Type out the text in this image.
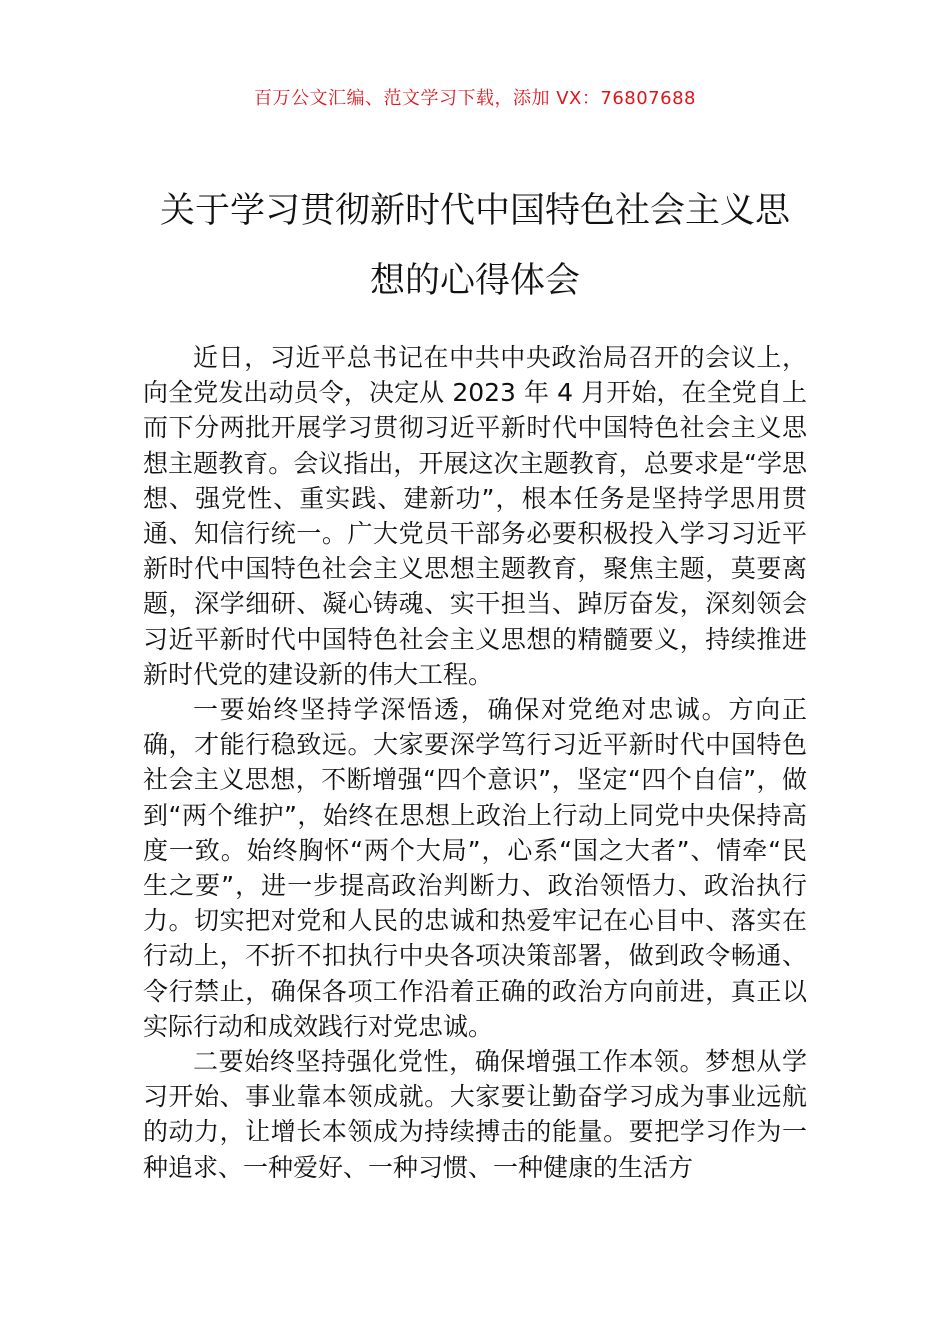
百万公文汇编、范文学习下载，添加 VX：76807688
关于学习贯彻新时代中国特色社会主义思
想的心得体会

近日，习近平总书记在中共中央政治局召开的会议上，向全党发出动员令，决定从 2023 年 4 月开始，在全党自上而下分两批开展学习贯彻习近平新时代中国特色社会主义思想主题教育。会议指出，开展这次主题教育，总要求是“学思想、强党性、重实践、建新功”，根本任务是坚持学思用贯通、知信行统一。广大党员干部务必要积极投入学习习近平新时代中国特色社会主义思想主题教育，聚焦主题，莫要离题，深学细研、凝心铸魂、实干担当、踔厉奋发，深刻领会习近平新时代中国特色社会主义思想的精髓要义，持续推进新时代党的建设新的伟大工程。

一要始终坚持学深悟透，确保对党绝对忠诚。方向正确，才能行稳致远。大家要深学笃行习近平新时代中国特色社会主义思想，不断增强“四个意识”，坚定“四个自信”，做到“两个维护”，始终在思想上政治上行动上同党中央保持高度一致。始终胸怀“两个大局”，心系“国之大者”、情牵“民生之要”，进一步提高政治判断力、政治领悟力、政治执行力。切实把对党和人民的忠诚和热爱牢记在心目中、落实在行动上，不折不扣执行中央各项决策部署，做到政令畅通、令行禁止，确保各项工作沿着正确的政治方向前进，真正以实际行动和成效践行对党忠诚。

二要始终坚持强化党性，确保增强工作本领。梦想从学习开始、事业靠本领成就。大家要让勤奋学习成为事业远航的动力，让增长本领成为持续搏击的能量。要把学习作为一种追求、一种爱好、一种习惯、一种健康的生活方
